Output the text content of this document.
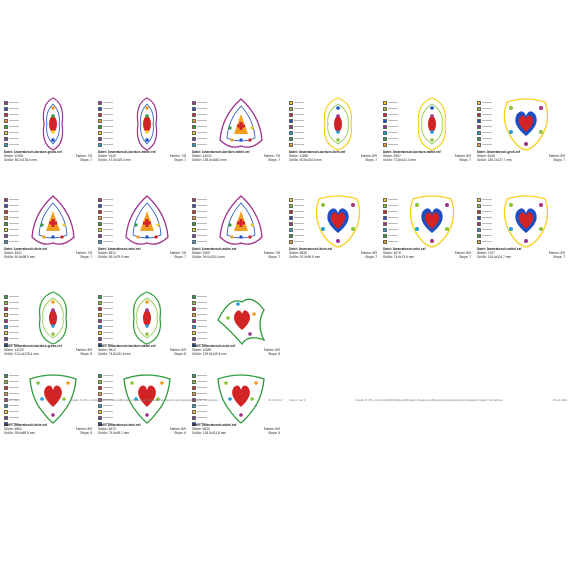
Datei: 1marrakesch-bordure-gross.exf
Stiche: 11994	Farben: 7/8
Größe: 56.2x178.4 mm	Stops: 7
Datei: 1marrakesch-bordure-mittel.exf
Stiche: 9140	Farben: 7/8
Größe: 47.5x149.0 mm	Stops: 7
Datei: 1marrakesch-bordure-mittel.exf
Stiche: 14610	Farben: 7/8
Größe: 139.5x168.0 mm	Stops: 7
Datei: 1marrakesch-klein.exf
Stiche: 8341	Farben: 7/8
Größe: 80.6x98.9 mm	Stops: 7
Datei: 1marrakesch-mini.exf
Stiche: 5512	Farben: 7/8
Größe: 65.1x79.9 mm	Stops: 7
Datei: 1marrakesch-mittel.exf
Stiche: 9169	Farben: 7/8
Größe: 99.0x120.4 mm	Stops: 7
Datei: 2marrakesch-bordure-gross.exf
Stiche: 13229	Farben: 8/9
Größe: 101.4x178.4 mm	Stops: 8
Datei: 2marrakesch-bordure-mittel.exf
Stiche: 9612	Farben: 8/9
Größe: 74.8x131.6 mm	Stops: 8
Datei: 2marrakesch-ecke.exf
Stiche: 11890	Farben: 8/9
Größe: 129.5x149.4 mm	Stops: 8
Datei: 2marrakesch-klein.exf
Stiche: 6962	Farben: 8/9
Größe: 95.6x89.5 mm	Stops: 8
Datei: 2marrakesch-mini.exf
Stiche: 4879	Farben: 8/9
Größe: 74.6x69.1 mm	Stops: 8
Datei: 2marrakesch-mittel.exf
Stiche: 5830	Farben: 8/9
Größe: 128.0x111.8 mm	Stops: 8
Seite 1 von 2	Quelle: D:\FS_Jennifer\1\MNR\Stickerei\Bordalex-Kreationen\Marokkos\marrakesch-set\marrakesch applic Verzeichnis	23.12.2012
Datei: 3marrakesch-bordure-klein.exf
Stiche: 11880	Farben: 8/9
Größe: 60.8x154.6 mm	Stops: 7
Datei: 3marrakesch-bordure-mittel.exf
Stiche: 5357	Farben: 8/9
Größe: 72.6x141.0 mm	Stops: 7
Datei: 3marrakesch-groß.exf
Stiche: 8108	Farben: 8/9
Größe: 150.1x127.7 mm	Stops: 7
Datei: 3marrakesch-klein.exf
Stiche: 5635	Farben: 8/9
Größe: 91.0x99.9 mm	Stops: 7
Datei: 3marrakesch-mini.exf
Stiche: 4678	Farben: 8/9
Größe: 74.6x74.6 mm	Stops: 7
Datei: 3marrakesch-mittel.exf
Stiche: 7107	Farben: 8/9
Größe: 115.4x114.7 mm	Stops: 7
Seite 2 von 2	Quelle: D:\FS_Jennifer\1\MNR\Stickerei\Bordalex-Kreationen\Marokkos\marrakesch-set\marrakesch applic Verzeichnis	23.12.2012
